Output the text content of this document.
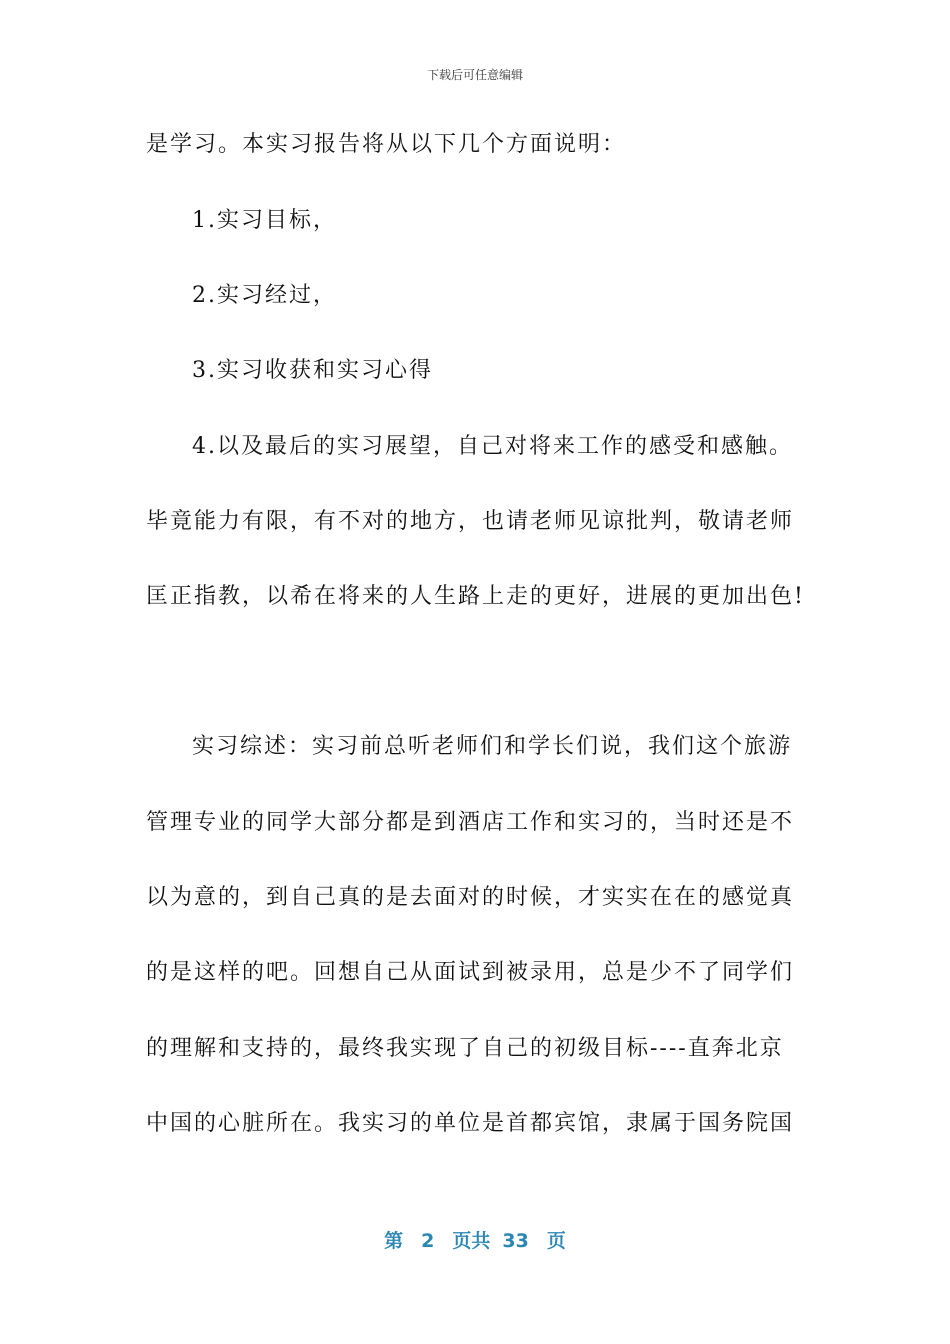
下载后可任意编辑

是学习。本实习报告将从以下几个方面说明：

1.实习目标，

2.实习经过，

3.实习收获和实习心得

4.以及最后的实习展望，自己对将来工作的感受和感触。

毕竟能力有限，有不对的地方，也请老师见谅批判，敬请老师

匡正指教，以希在将来的人生路上走的更好，进展的更加出色!

实习综述：实习前总听老师们和学长们说，我们这个旅游

管理专业的同学大部分都是到酒店工作和实习的，当时还是不

以为意的，到自己真的是去面对的时候，才实实在在的感觉真

的是这样的吧。回想自己从面试到被录用，总是少不了同学们

的理解和支持的，最终我实现了自己的初级目标----直奔北京

中国的心脏所在。我实习的单位是首都宾馆，隶属于国务院国

第 2 页共 33 页
